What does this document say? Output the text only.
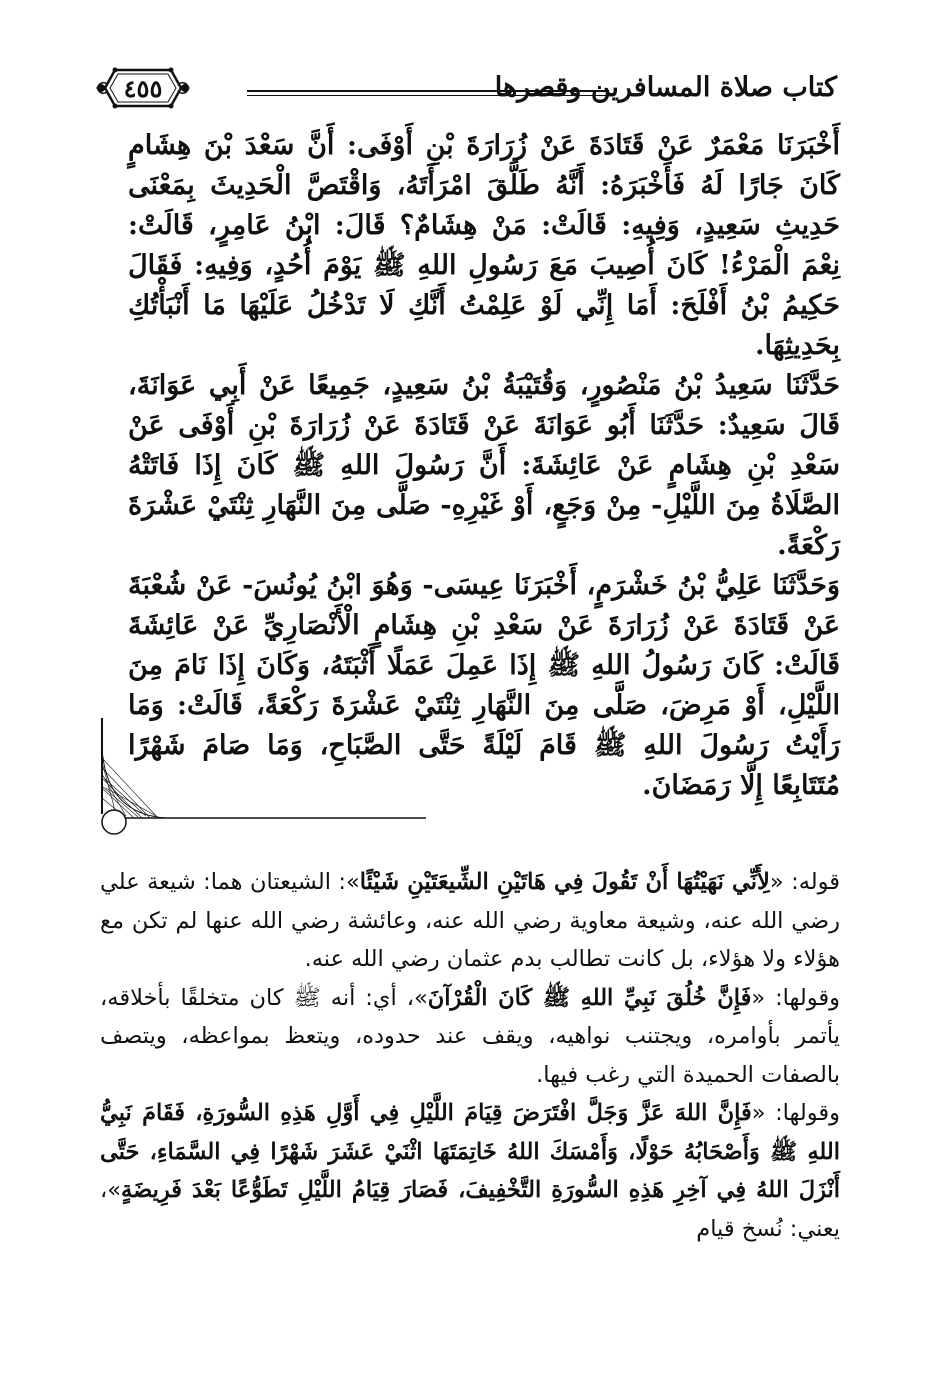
كتاب صلاة المسافرين وقصرها
٤٥٥

أَخْبَرَنَا مَعْمَرٌ عَنْ قَتَادَةَ عَنْ زُرَارَةَ بْنِ أَوْفَى: أَنَّ سَعْدَ بْنَ هِشَامٍ كَانَ جَارًا لَهُ فَأَخْبَرَهُ: أَنَّهُ طَلَّقَ امْرَأَتَهُ، وَاقْتَصَّ الْحَدِيثَ بِمَعْنَى حَدِيثِ سَعِيدٍ، وَفِيهِ: قَالَتْ: مَنْ هِشَامٌ؟ قَالَ: ابْنُ عَامِرٍ، قَالَتْ: نِعْمَ الْمَرْءُ! كَانَ أُصِيبَ مَعَ رَسُولِ اللهِ ﷺ يَوْمَ أُحُدٍ، وَفِيهِ: فَقَالَ حَكِيمُ بْنُ أَفْلَحَ: أَمَا إِنِّي لَوْ عَلِمْتُ أَنَّكِ لَا تَدْخُلُ عَلَيْهَا مَا أَنْبَأْتُكِ بِحَدِيثِهَا.

حَدَّثَنَا سَعِيدُ بْنُ مَنْصُورٍ، وَقُتَيْبَةُ بْنُ سَعِيدٍ، جَمِيعًا عَنْ أَبِي عَوَانَةَ، قَالَ سَعِيدٌ: حَدَّثَنَا أَبُو عَوَانَةَ عَنْ قَتَادَةَ عَنْ زُرَارَةَ بْنِ أَوْفَى عَنْ سَعْدِ بْنِ هِشَامٍ عَنْ عَائِشَةَ: أَنَّ رَسُولَ اللهِ ﷺ كَانَ إِذَا فَاتَتْهُ الصَّلَاةُ مِنَ اللَّيْلِ- مِنْ وَجَعٍ، أَوْ غَيْرِهِ- صَلَّى مِنَ النَّهَارِ ثِنْتَيْ عَشْرَةَ رَكْعَةً.

وَحَدَّثَنَا عَلِيُّ بْنُ خَشْرَمٍ، أَخْبَرَنَا عِيسَى- وَهُوَ ابْنُ يُونُسَ- عَنْ شُعْبَةَ عَنْ قَتَادَةَ عَنْ زُرَارَةَ عَنْ سَعْدِ بْنِ هِشَامٍ الْأَنْصَارِيِّ عَنْ عَائِشَةَ قَالَتْ: كَانَ رَسُولُ اللهِ ﷺ إِذَا عَمِلَ عَمَلًا أَثْبَتَهُ، وَكَانَ إِذَا نَامَ مِنَ اللَّيْلِ، أَوْ مَرِضَ، صَلَّى مِنَ النَّهَارِ ثِنْتَيْ عَشْرَةَ رَكْعَةً، قَالَتْ: وَمَا رَأَيْتُ رَسُولَ اللهِ ﷺ قَامَ لَيْلَةً حَتَّى الصَّبَاحِ، وَمَا صَامَ شَهْرًا مُتَتَابِعًا إِلَّا رَمَضَانَ.

قوله: «لِأَنِّي نَهَيْتُهَا أَنْ تَقُولَ فِي هَاتَيْنِ الشِّيعَتَيْنِ شَيْئًا»: الشيعتان هما: شيعة علي رضي الله عنه، وشيعة معاوية رضي الله عنه، وعائشة رضي الله عنها لم تكن مع هؤلاء ولا هؤلاء، بل كانت تطالب بدم عثمان رضي الله عنه.

وقولها: «فَإِنَّ خُلُقَ نَبِيِّ اللهِ ﷺ كَانَ الْقُرْآنَ»، أي: أنه ﷺ كان متخلقًا بأخلاقه، يأتمر بأوامره، ويجتنب نواهيه، ويقف عند حدوده، ويتعظ بمواعظه، ويتصف بالصفات الحميدة التي رغب فيها.

وقولها: «فَإِنَّ اللهَ عَزَّ وَجَلَّ افْتَرَضَ قِيَامَ اللَّيْلِ فِي أَوَّلِ هَذِهِ السُّورَةِ، فَقَامَ نَبِيُّ اللهِ ﷺ وَأَصْحَابُهُ حَوْلًا، وَأَمْسَكَ اللهُ خَاتِمَتَهَا اثْنَيْ عَشَرَ شَهْرًا فِي السَّمَاءِ، حَتَّى أَنْزَلَ اللهُ فِي آخِرِ هَذِهِ السُّورَةِ التَّخْفِيفَ، فَصَارَ قِيَامُ اللَّيْلِ تَطَوُّعًا بَعْدَ فَرِيضَةٍ»، يعني: نُسخ قيام
